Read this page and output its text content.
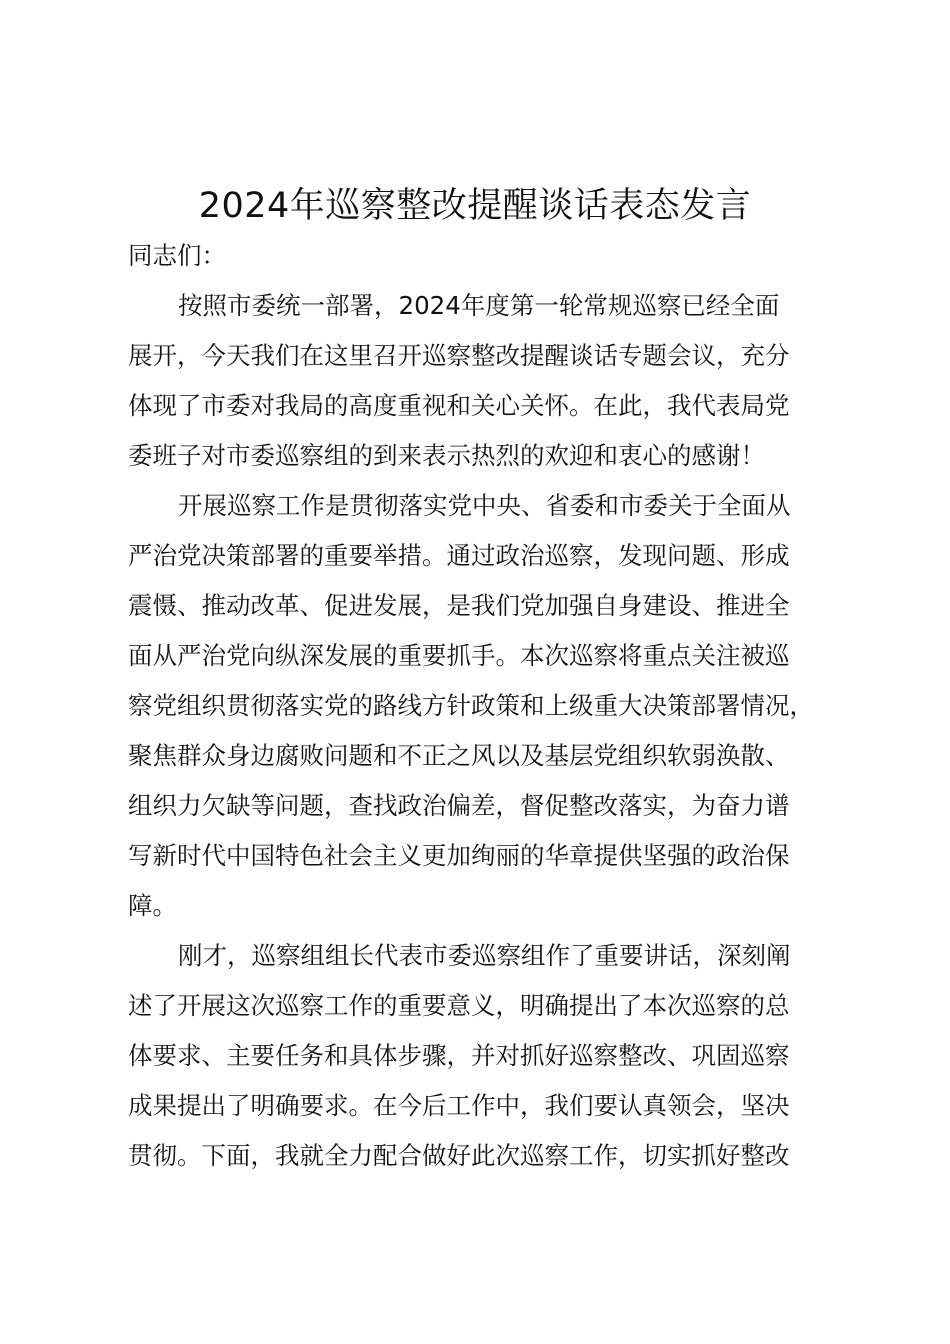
2024年巡察整改提醒谈话表态发言
同志们：
按照市委统一部署，2024年度第一轮常规巡察已经全面
展开，今天我们在这里召开巡察整改提醒谈话专题会议，充分
体现了市委对我局的高度重视和关心关怀。在此，我代表局党
委班子对市委巡察组的到来表示热烈的欢迎和衷心的感谢！
开展巡察工作是贯彻落实党中央、省委和市委关于全面从
严治党决策部署的重要举措。通过政治巡察，发现问题、形成
震慑、推动改革、促进发展，是我们党加强自身建设、推进全
面从严治党向纵深发展的重要抓手。本次巡察将重点关注被巡
察党组织贯彻落实党的路线方针政策和上级重大决策部署情况，
聚焦群众身边腐败问题和不正之风以及基层党组织软弱涣散、
组织力欠缺等问题，查找政治偏差，督促整改落实，为奋力谱
写新时代中国特色社会主义更加绚丽的华章提供坚强的政治保
障。
刚才，巡察组组长代表市委巡察组作了重要讲话，深刻阐
述了开展这次巡察工作的重要意义，明确提出了本次巡察的总
体要求、主要任务和具体步骤，并对抓好巡察整改、巩固巡察
成果提出了明确要求。在今后工作中，我们要认真领会，坚决
贯彻。下面，我就全力配合做好此次巡察工作，切实抓好整改
